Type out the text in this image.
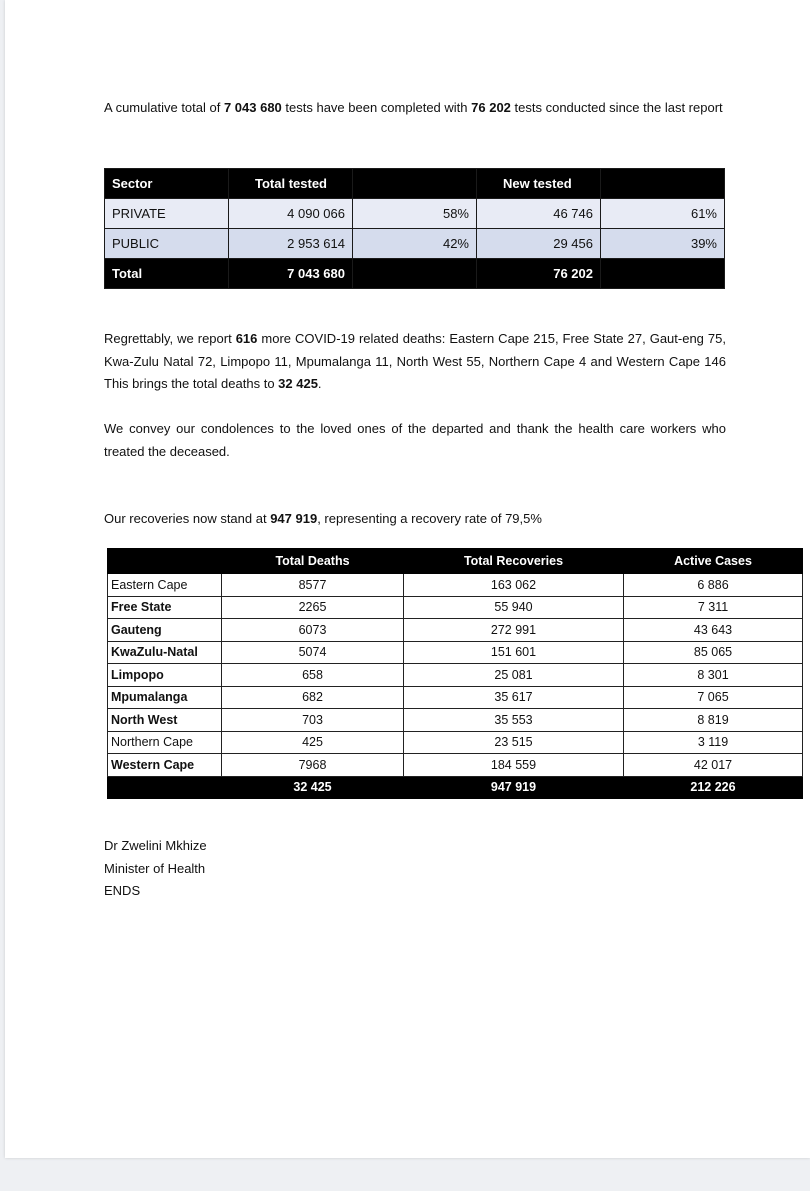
A cumulative total of 7 043 680 tests have been completed with 76 202 tests conducted since the last report

Sector	Total tested		New tested	
PRIVATE	4 090 066	58%	46 746	61%
PUBLIC	2 953 614	42%	29 456	39%
Total	7 043 680		76 202	

Regrettably, we report 616 more COVID-19 related deaths: Eastern Cape 215, Free State 27, Gaut-eng 75, Kwa-Zulu Natal 72, Limpopo 11, Mpumalanga 11, North West 55, Northern Cape 4 and Western Cape 146 This brings the total deaths to 32 425.

We convey our condolences to the loved ones of the departed and thank the health care workers who treated the deceased.

Our recoveries now stand at 947 919, representing a recovery rate of 79,5%

	Total Deaths	Total Recoveries	Active Cases
Eastern Cape	8577	163 062	6 886
Free State	2265	55 940	7 311
Gauteng	6073	272 991	43 643
KwaZulu-Natal	5074	151 601	85 065
Limpopo	658	25 081	8 301
Mpumalanga	682	35 617	7 065
North West	703	35 553	8 819
Northern Cape	425	23 515	3 119
Western Cape	7968	184 559	42 017
	32 425	947 919	212 226
Dr Zwelini Mkhize
Minister of Health
ENDS
